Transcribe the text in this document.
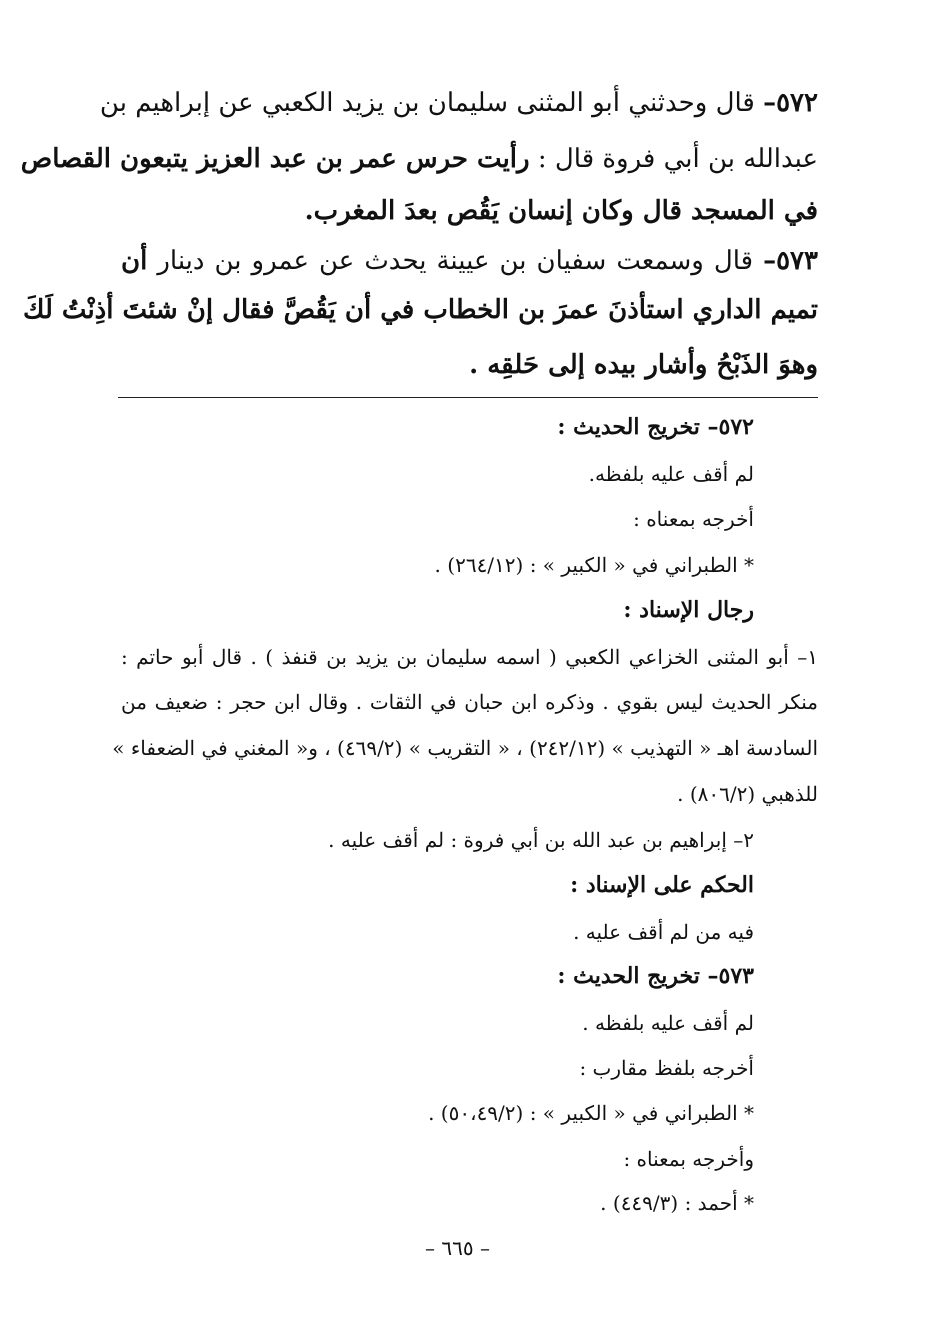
٥٧٢– قال وحدثني أبو المثنى سليمان بن يزيد الكعبي عن إبراهيم بن
عبدالله بن أبي فروة قال : رأيت حرس عمر بن عبد العزيز يتبعون القصاص
في المسجد قال وكان إنسان يَقُص بعدَ المغرب.
٥٧٣– قال وسمعت سفيان بن عيينة يحدث عن عمرو بن دينار أن
تميم الداري استأذنَ عمرَ بن الخطاب في أن يَقُصَّ فقال إنْ شئتَ أذِنْتُ لَكَ
وهوَ الذَبْحُ وأشار بيده إلى حَلقِه .
٥٧٢– تخريج الحديث :
لم أقف عليه بلفظه.
أخرجه بمعناه :
* الطبراني في « الكبير » : (٢٦٤/١٢) .
رجال الإسناد :
١– أبو المثنى الخزاعي الكعبي ( اسمه سليمان بن يزيد بن قنفذ ) . قال أبو حاتم :
منكر الحديث ليس بقوي . وذكره ابن حبان في الثقات . وقال ابن حجر : ضعيف من
السادسة اهـ « التهذيب » (٢٤٢/١٢) ، « التقريب » (٤٦٩/٢) ، و« المغني في الضعفاء »
للذهبي (٨٠٦/٢) .
٢– إبراهيم بن عبد الله بن أبي فروة : لم أقف عليه .
الحكم على الإسناد :
فيه من لم أقف عليه .
٥٧٣– تخريج الحديث :
لم أقف عليه بلفظه .
أخرجه بلفظ مقارب :
* الطبراني في « الكبير » : (٥٠،٤٩/٢) .
وأخرجه بمعناه :
* أحمد : (٤٤٩/٣) .
– ٦٦٥ –
